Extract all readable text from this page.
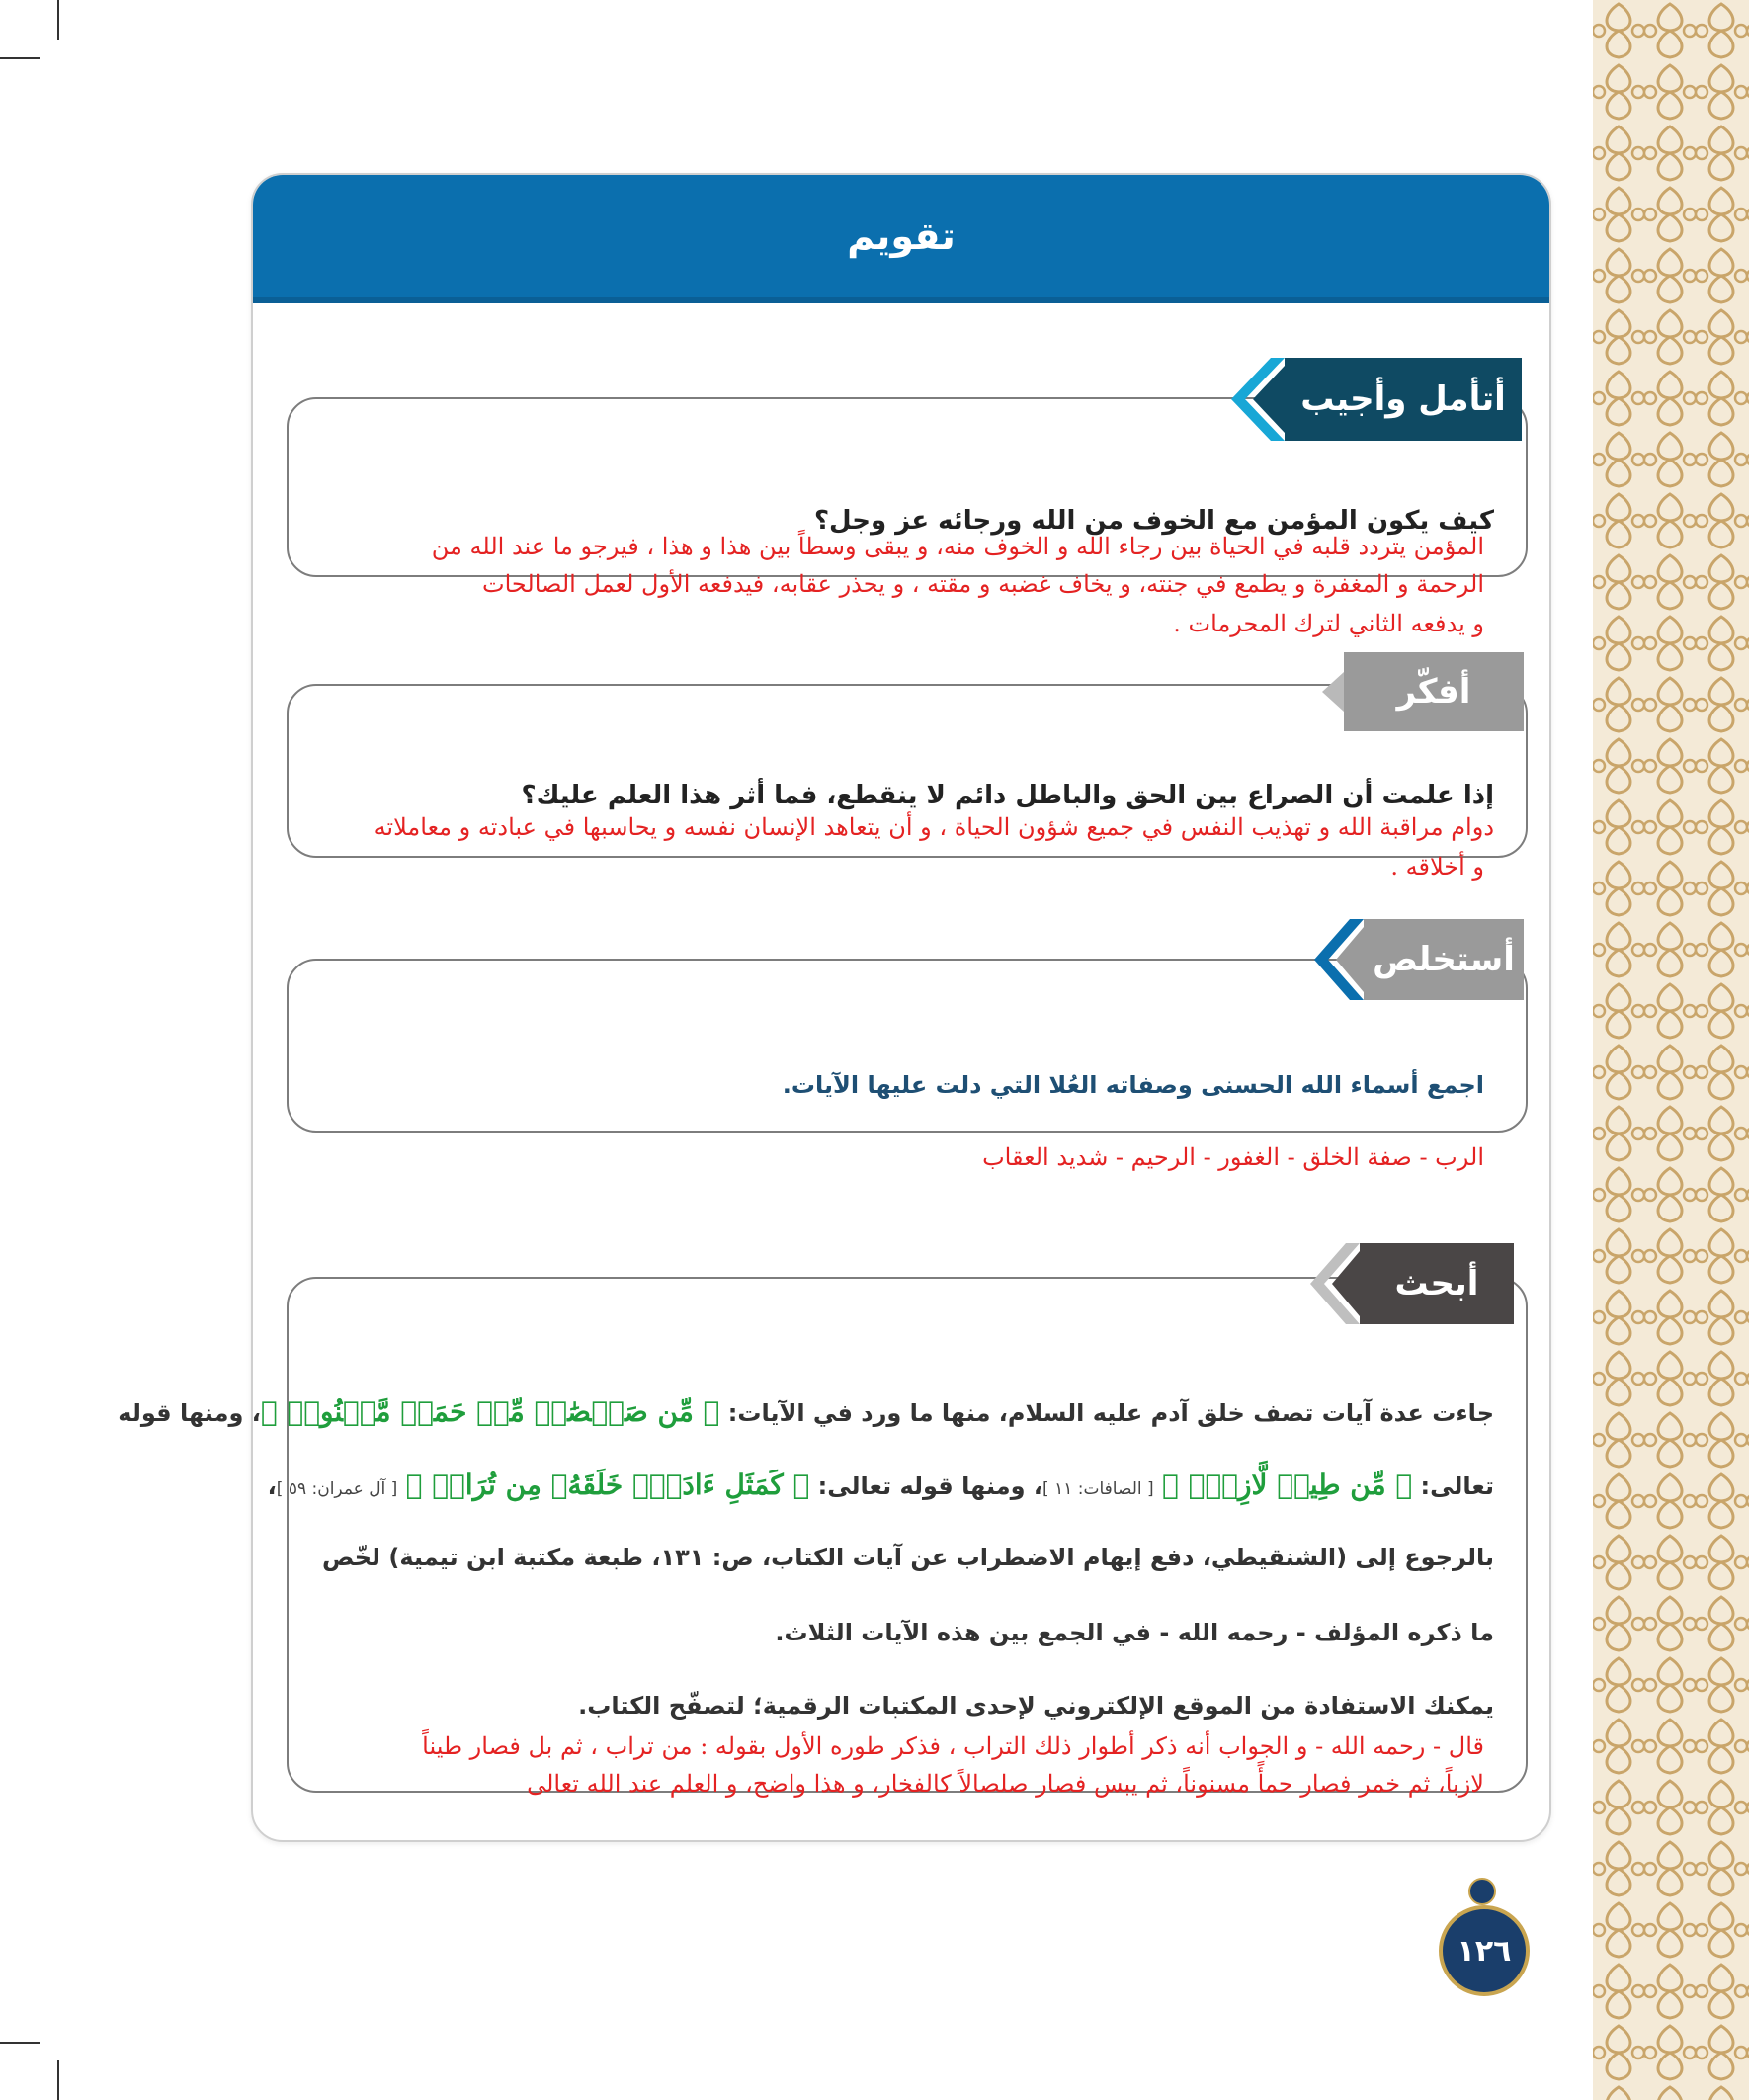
تقويم
أتأمل وأجيب
كيف يكون المؤمن مع الخوف من الله ورجائه عز وجل؟
المؤمن يتردد قلبه في الحياة بين رجاء الله و الخوف منه، و يبقى وسطاً بين هذا و هذا ، فيرجو ما عند الله من
الرحمة و المغفرة و يطمع في جنته، و يخاف غضبه و مقته ، و يحذر عقابه، فيدفعه الأول لعمل الصالحات
و يدفعه الثاني لترك المحرمات .
أفكّر
إذا علمت أن الصراع بين الحق والباطل دائم لا ينقطع، فما أثر هذا العلم عليك؟
دوام مراقبة الله و تهذيب النفس في جميع شؤون الحياة ، و أن يتعاهد الإنسان نفسه و يحاسبها في عبادته و معاملاته
و أخلاقه .
أستخلص
اجمع أسماء الله الحسنى وصفاته العُلا التي دلت عليها الآيات.
الرب - صفة الخلق - الغفور - الرحيم - شديد العقاب
أبحث
جاءت عدة آيات تصف خلق آدم عليه السلام، منها ما ورد في الآيات: ﴿ مِّن صَلۡصَٰلٖ مِّنۡ حَمَإٖ مَّسۡنُونٖ ﴾، ومنها قوله
تعالى: ﴿ مِّن طِينٖ لَّازِبِۭ ﴾ [ الصافات: ١١ ]، ومنها قوله تعالى: ﴿ كَمَثَلِ ءَادَمَۖ خَلَقَهُۥ مِن تُرَابٖ ﴾ [ آل عمران: ٥٩ ]،
بالرجوع إلى (الشنقيطي، دفع إيهام الاضطراب عن آيات الكتاب، ص: ١٣١، طبعة مكتبة ابن تيمية) لخّص
ما ذكره المؤلف - رحمه الله - في الجمع بين هذه الآيات الثلاث.
يمكنك الاستفادة من الموقع الإلكتروني لإحدى المكتبات الرقمية؛ لتصفّح الكتاب.
قال - رحمه الله - و الجواب أنه ذكر أطوار ذلك التراب ، فذكر طوره الأول بقوله : من تراب ، ثم بل فصار طيناً
لازباً، ثم خمر فصار حمأً مسنوناً، ثم يبس فصار صلصالاً كالفخار، و هذا واضح، و العلم عند الله تعالى
١٢٦
